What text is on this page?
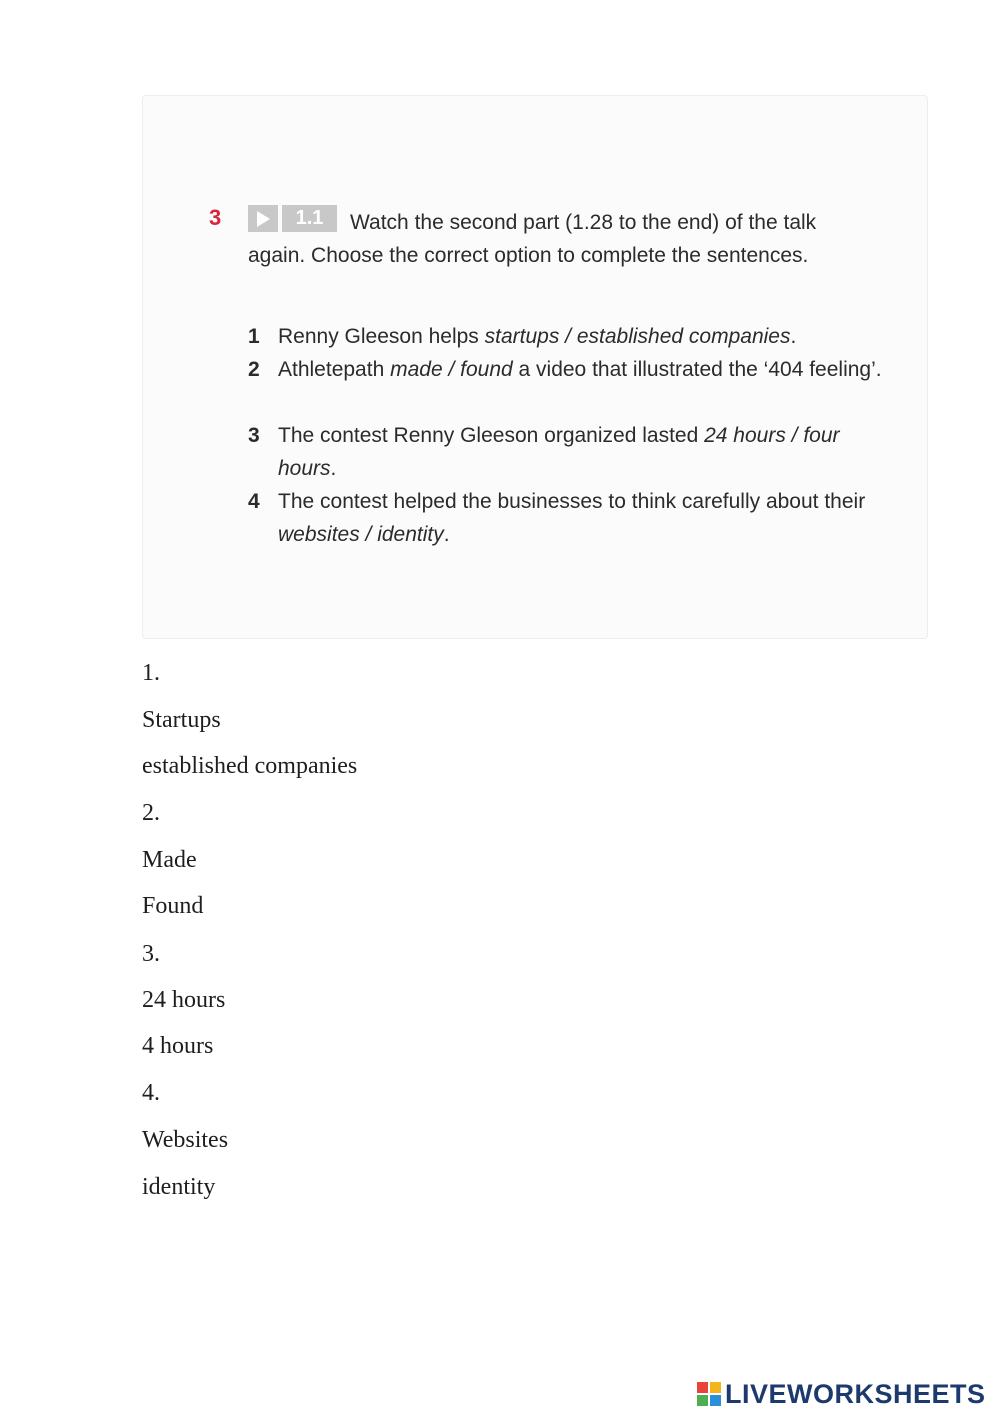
3	1.1	Watch the second part (1.28 to the end) of the talk again. Choose the correct option to complete the sentences.
1 Renny Gleeson helps startups / established companies.
2 Athletepath made / found a video that illustrated the ‘404 feeling’.
3 The contest Renny Gleeson organized lasted 24 hours / four hours.
4 The contest helped the businesses to think carefully about their websites / identity.
1.
Startups
established companies
2.
Made
Found
3.
24 hours
4 hours
4.
Websites
identity
LIVEWORKSHEETS
